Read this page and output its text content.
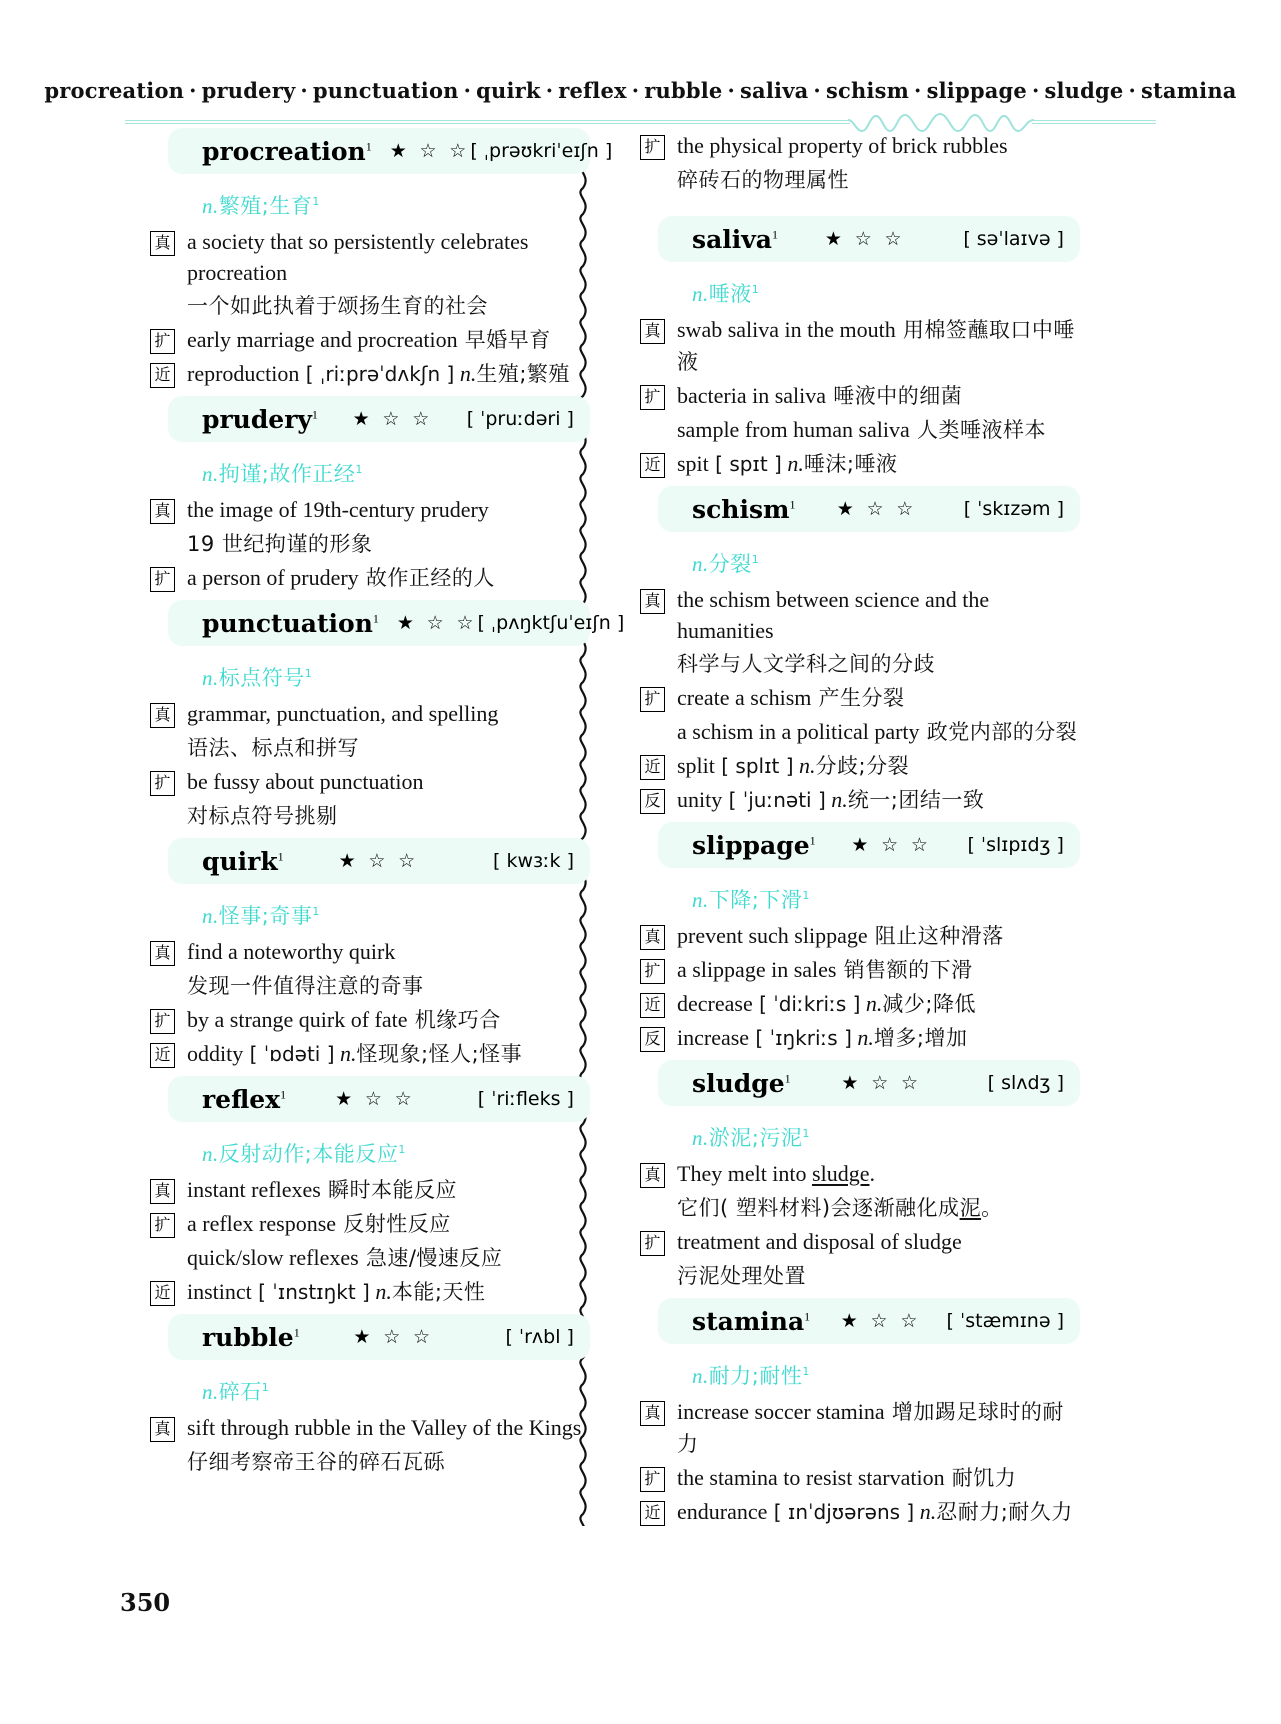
procreation · prudery · punctuation · quirk · reflex · rubble · saliva · schism · slippage · sludge · stamina
procreation$^1$ ★ ☆ ☆ [ ˌprəʊkriˈeɪʃn ]
n.繁殖;生育$^1$
真 a society that so persistently celebrates procreation
一个如此执着于颂扬生育的社会
扩 early marriage and procreation 早婚早育
近 reproduction [ ˌriːprəˈdʌkʃn ] n.生殖;繁殖
prudery$^1$	★ ☆ ☆ [ ˈpruːdəri ]
n.拘谨;故作正经$^1$
真 the image of 19th-century prudery
19 世纪拘谨的形象
扩 a person of prudery 故作正经的人
punctuation$^1$ ★ ☆ ☆ [ ˌpʌŋktʃuˈeɪʃn ]
n.标点符号$^1$
真 grammar, punctuation, and spelling
语法、标点和拼写
扩 be fussy about punctuation
对标点符号挑剔
quirk$^1$	★ ☆ ☆	[ kwɜːk ]
n.怪事;奇事$^1$
真 find a noteworthy quirk
发现一件值得注意的奇事
扩 by a strange quirk of fate 机缘巧合
近 oddity [ ˈɒdəti ] n.怪现象;怪人;怪事
reflex$^1$	★ ☆ ☆	[ ˈriːfleks ]
n.反射动作;本能反应$^1$
真 instant reflexes 瞬时本能反应
扩 a reflex response 反射性反应
quick/slow reflexes 急速/慢速反应
近 instinct [ ˈɪnstɪŋkt ] n.本能;天性
rubble$^1$	★ ☆ ☆	[ ˈrʌbl ]
n.碎石$^1$
真 sift through rubble in the Valley of the Kings
仔细考察帝王谷的碎石瓦砾
扩 the physical property of brick rubbles
碎砖石的物理属性
saliva$^1$	★ ☆ ☆	[ səˈlaɪvə ]
n.唾液$^1$
真 swab saliva in the mouth 用棉签蘸取口中唾液
扩 bacteria in saliva 唾液中的细菌
sample from human saliva 人类唾液样本
近 spit [ spɪt ] n.唾沫;唾液
schism$^1$	★ ☆ ☆ [ ˈskɪzəm ]
n.分裂$^1$
真 the schism between science and the humanities
科学与人文学科之间的分歧
扩 create a schism 产生分裂
a schism in a political party 政党内部的分裂
近 split [ splɪt ] n.分歧;分裂
反 unity [ ˈjuːnəti ] n.统一;团结一致
slippage$^1$	★ ☆ ☆ [ ˈslɪpɪdʒ ]
n.下降;下滑$^1$
真 prevent such slippage 阻止这种滑落
扩 a slippage in sales 销售额的下滑
近 decrease [ ˈdiːkriːs ] n.减少;降低
反 increase [ ˈɪŋkriːs ] n.增多;增加
sludge$^1$	★ ☆ ☆	[ slʌdʒ ]
n.淤泥;污泥$^1$
真 They melt into sludge.
它们( 塑料材料)会逐渐融化成泥。
扩 treatment and disposal of sludge
污泥处理处置
stamina$^1$	★ ☆ ☆ [ ˈstæmɪnə ]
n.耐力;耐性$^1$
真 increase soccer stamina 增加踢足球时的耐力
扩 the stamina to resist starvation 耐饥力
近 endurance [ ɪnˈdjʊərəns ] n.忍耐力;耐久力
350
